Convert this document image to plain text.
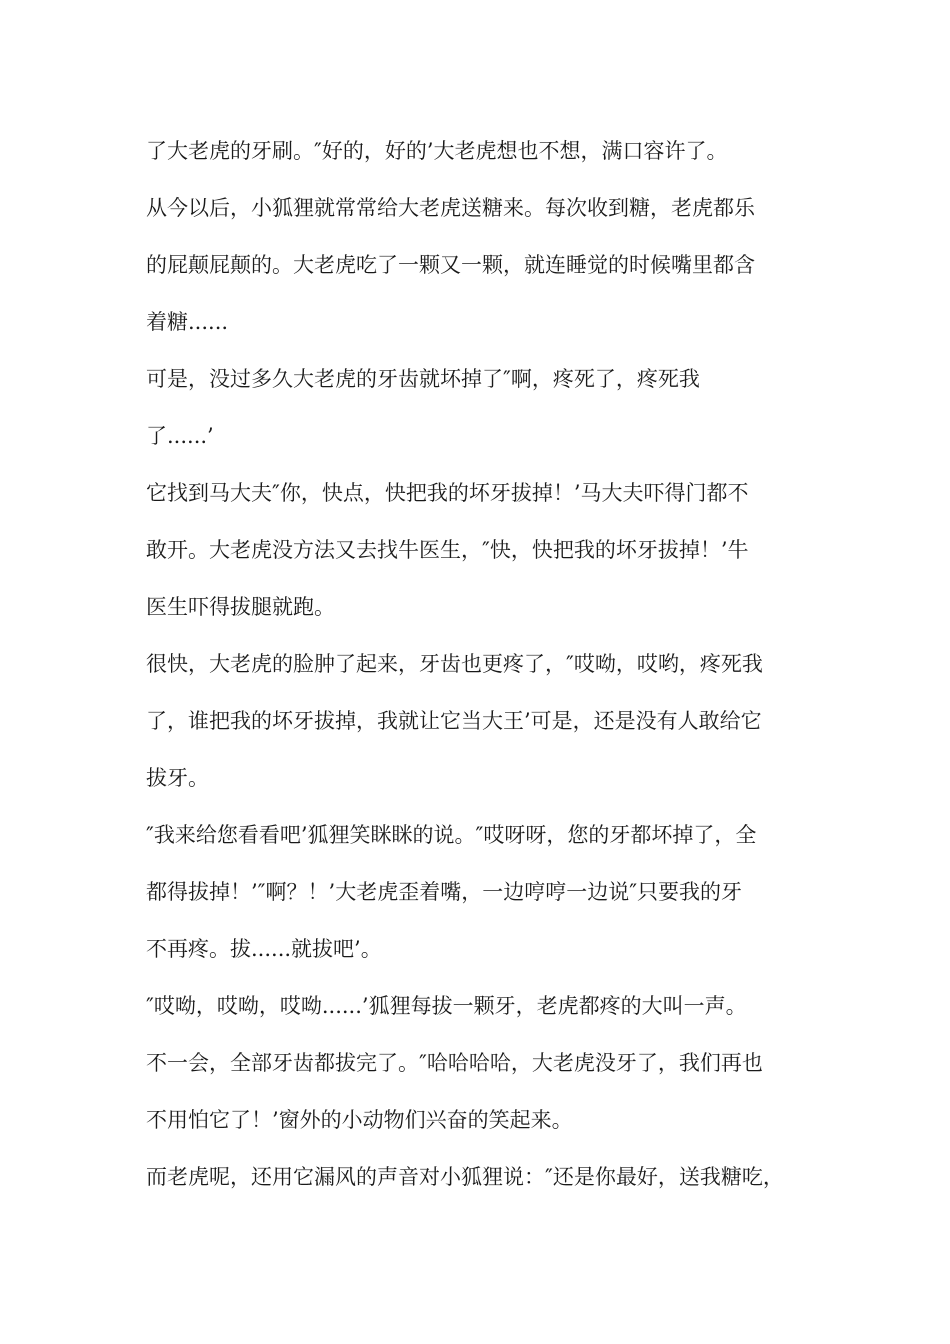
了大老虎的牙刷。″好的，好的’大老虎想也不想，满口容许了。
从今以后，小狐狸就常常给大老虎送糖来。每次收到糖，老虎都乐
的屁颠屁颠的。大老虎吃了一颗又一颗，就连睡觉的时候嘴里都含
着糖......
可是，没过多久大老虎的牙齿就坏掉了″啊，疼死了，疼死我
了......’
它找到马大夫″你，快点，快把我的坏牙拔掉！’马大夫吓得门都不
敢开。大老虎没方法又去找牛医生，″快，快把我的坏牙拔掉！’牛
医生吓得拔腿就跑。
很快，大老虎的脸肿了起来，牙齿也更疼了，″哎呦，哎哟，疼死我
了，谁把我的坏牙拔掉，我就让它当大王’可是，还是没有人敢给它
拔牙。
″我来给您看看吧’狐狸笑眯眯的说。″哎呀呀，您的牙都坏掉了，全
都得拔掉！’″啊？！’大老虎歪着嘴，一边哼哼一边说″只要我的牙
不再疼。拔......就拔吧’。
″哎呦，哎呦，哎呦......’狐狸每拔一颗牙，老虎都疼的大叫一声。
不一会，全部牙齿都拔完了。″哈哈哈哈，大老虎没牙了，我们再也
不用怕它了！’窗外的小动物们兴奋的笑起来。
而老虎呢，还用它漏风的声音对小狐狸说：″还是你最好，送我糖吃，
